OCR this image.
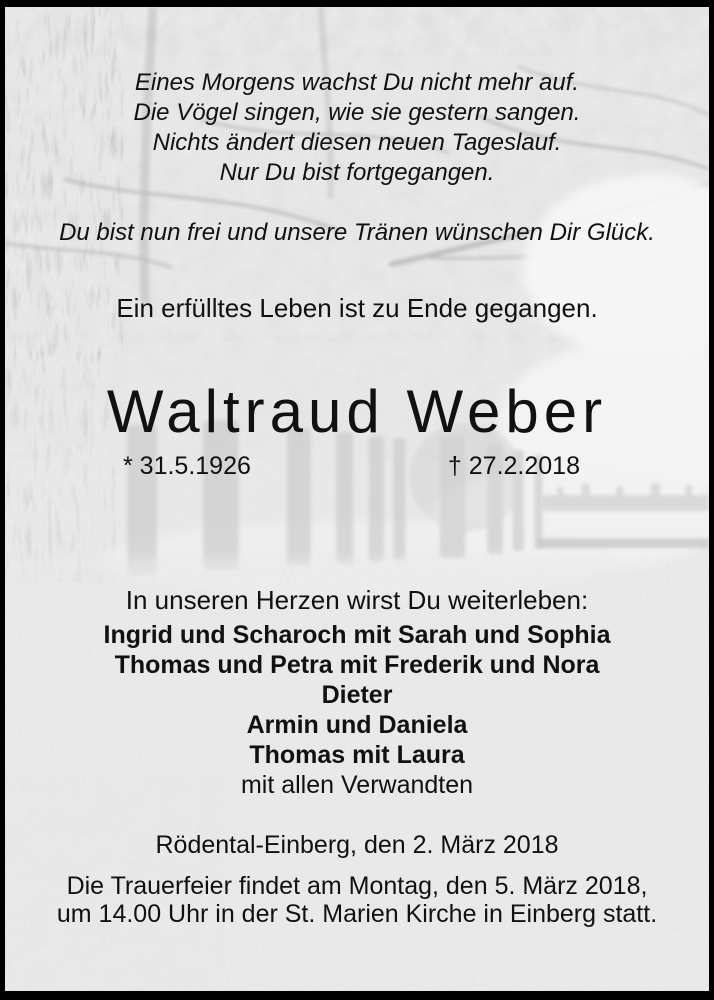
Eines Morgens wachst Du nicht mehr auf.
Die Vögel singen, wie sie gestern sangen.
Nichts ändert diesen neuen Tageslauf.
Nur Du bist fortgegangen.
Du bist nun frei und unsere Tränen wünschen Dir Glück.
Ein erfülltes Leben ist zu Ende gegangen.
Waltraud Weber
* 31.5.1926	† 27.2.2018
In unseren Herzen wirst Du weiterleben:
Ingrid und Scharoch mit Sarah und Sophia
Thomas und Petra mit Frederik und Nora
Dieter
Armin und Daniela
Thomas mit Laura
mit allen Verwandten
Rödental-Einberg, den 2. März 2018
Die Trauerfeier findet am Montag, den 5. März 2018,
um 14.00 Uhr in der St. Marien Kirche in Einberg statt.
